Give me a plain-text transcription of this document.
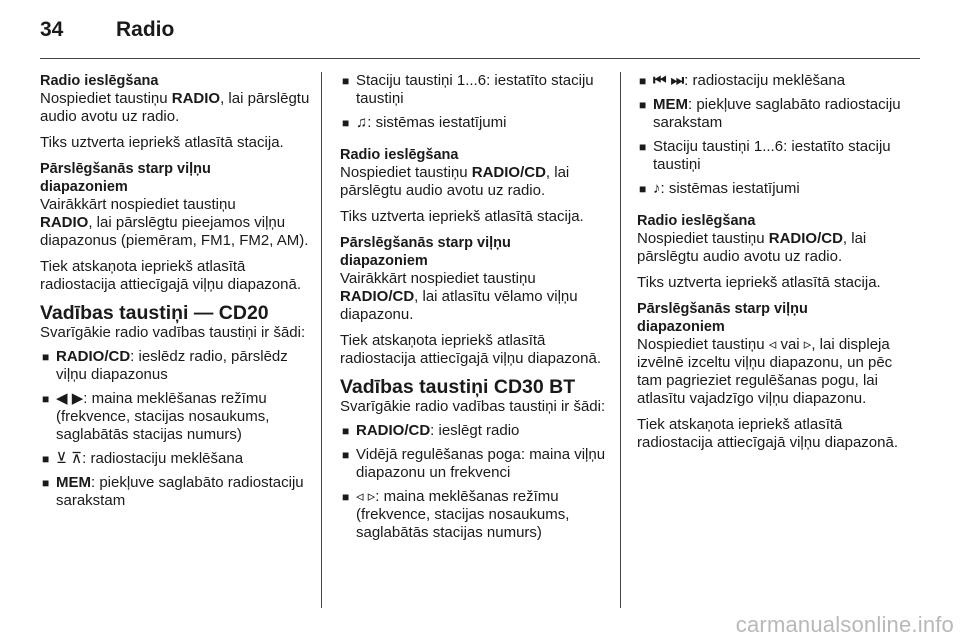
34	Radio
Radio ieslēgšana

Nospiediet taustiņu RADIO, lai pārslēgtu audio avotu uz radio.

Tiks uztverta iepriekš atlasītā stacija.

Pārslēgšanās starp viļņu
diapazoniem

Vairākkārt nospiediet taustiņu
RADIO, lai pārslēgtu pieejamos viļņu diapazonus (piemēram, FM1, FM2, AM).

Tiek atskaņota iepriekš atlasītā radiostacija attiecīgajā viļņu diapazonā.

Vadības taustiņi — CD20

Svarīgākie radio vadības taustiņi ir šādi:

■ RADIO/CD: ieslēdz radio, pārslēdz viļņu diapazonus
■ ◀ ▶: maina meklēšanas režīmu (frekvence, stacijas nosaukums, saglabātās stacijas numurs)
■ ⊻ ⊼: radiostaciju meklēšana
■ MEM: piekļuve saglabāto radiostaciju sarakstam
■ Staciju taustiņi 1...6: iestatīto staciju taustiņi
■ ♫: sistēmas iestatījumi
Radio ieslēgšana

Nospiediet taustiņu RADIO/CD, lai pārslēgtu audio avotu uz radio.

Tiks uztverta iepriekš atlasītā stacija.

Pārslēgšanās starp viļņu
diapazoniem

Vairākkārt nospiediet taustiņu
RADIO/CD, lai atlasītu vēlamo viļņu diapazonu.

Tiek atskaņota iepriekš atlasītā radiostacija attiecīgajā viļņu diapazonā.

Vadības taustiņi CD30 BT

Svarīgākie radio vadības taustiņi ir šādi:

■ RADIO/CD: ieslēgt radio
■ Vidējā regulēšanas poga: maina viļņu diapazonu un frekvenci
■ ◃ ▹: maina meklēšanas režīmu (frekvence, stacijas nosaukums, saglabātās stacijas numurs)
■ ⏮ ⏭: radiostaciju meklēšana
■ MEM: piekļuve saglabāto radiostaciju sarakstam
■ Staciju taustiņi 1...6: iestatīto staciju taustiņi
■ ♪: sistēmas iestatījumi
Radio ieslēgšana

Nospiediet taustiņu RADIO/CD, lai pārslēgtu audio avotu uz radio.

Tiks uztverta iepriekš atlasītā stacija.

Pārslēgšanās starp viļņu
diapazoniem

Nospiediet taustiņu ◃ vai ▹, lai displeja izvēlnē izceltu viļņu diapazonu, un pēc tam pagrieziet regulēšanas pogu, lai atlasītu vajadzīgo viļņu diapazonu.

Tiek atskaņota iepriekš atlasītā radiostacija attiecīgajā viļņu diapazonā.

carmanualsonline.info
